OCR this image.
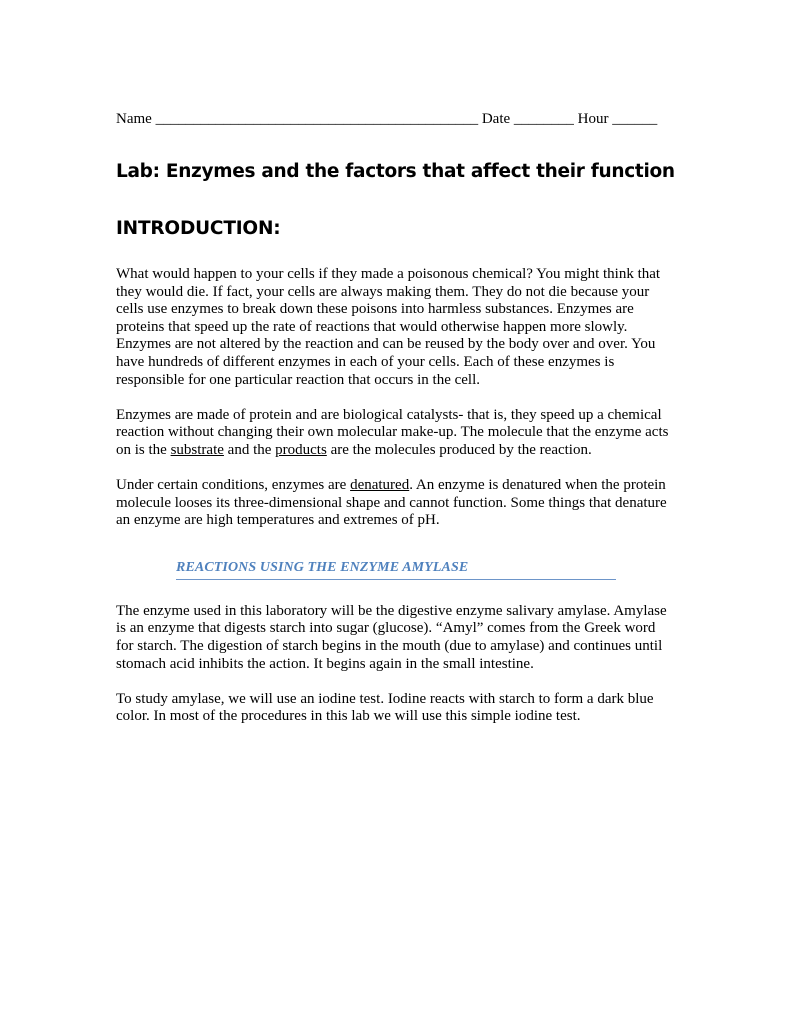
Name ___________________________________________ Date ________ Hour ______
Lab: Enzymes and the factors that affect their function
INTRODUCTION:

What would happen to your cells if they made a poisonous chemical? You might think that they would die. If fact, your cells are always making them. They do not die because your cells use enzymes to break down these poisons into harmless substances. Enzymes are proteins that speed up the rate of reactions that would otherwise happen more slowly. Enzymes are not altered by the reaction and can be reused by the body over and over. You have hundreds of different enzymes in each of your cells. Each of these enzymes is responsible for one particular reaction that occurs in the cell.

Enzymes are made of protein and are biological catalysts- that is, they speed up a chemical reaction without changing their own molecular make-up. The molecule that the enzyme acts on is the substrate and the products are the molecules produced by the reaction.

Under certain conditions, enzymes are denatured. An enzyme is denatured when the protein molecule looses its three-dimensional shape and cannot function. Some things that denature an enzyme are high temperatures and extremes of pH.

REACTIONS USING THE ENZYME AMYLASE

The enzyme used in this laboratory will be the digestive enzyme salivary amylase. Amylase is an enzyme that digests starch into sugar (glucose). “Amyl” comes from the Greek word for starch. The digestion of starch begins in the mouth (due to amylase) and continues until stomach acid inhibits the action. It begins again in the small intestine.

To study amylase, we will use an iodine test. Iodine reacts with starch to form a dark blue color. In most of the procedures in this lab we will use this simple iodine test.
